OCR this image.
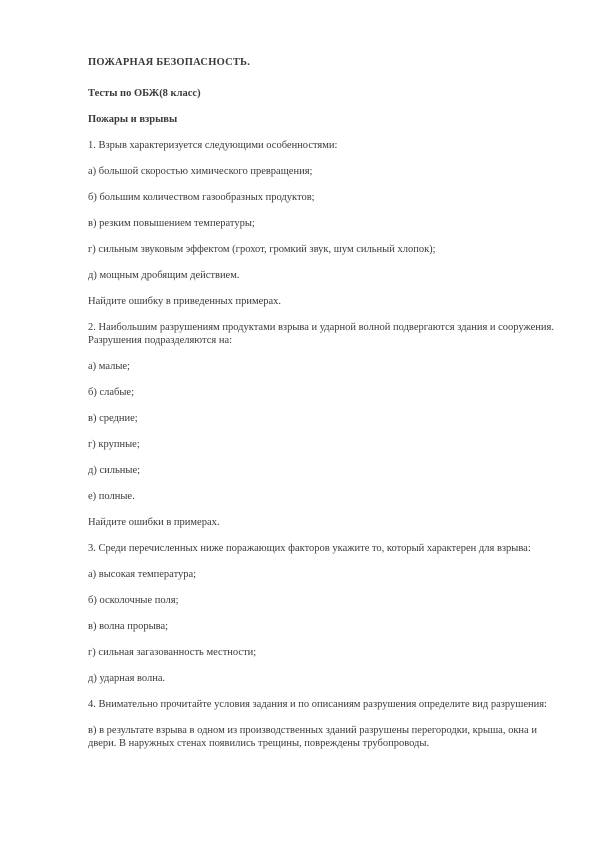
ПОЖАРНАЯ БЕЗОПАСНОСТЬ.

Тесты по ОБЖ(8 класс)

Пожары и взрывы

1. Взрыв характеризуется следующими особенностями:

а) большой скоростью химического превращения;

б) большим количеством газообразных продуктов;

в) резким повышением температуры;

г) сильным звуковым эффектом (грохот, громкий звук, шум сильный хлопок);

д) мощным дробящим действием.

Найдите ошибку в приведенных примерах.

2. Наибольшим разрушениям продуктами взрыва и ударной волной подвергаются здания и сооружения. Разрушения подразделяются на:

а) малые;

б) слабые;

в) средние;

г) крупные;

д) сильные;

е) полные.

Найдите ошибки в примерах.

3. Среди перечисленных ниже поражающих факторов укажите то, который характерен для взрыва:

а) высокая температура;

б) осколочные поля;

в) волна прорыва;

г) сильная загазованность местности;

д) ударная волна.

4. Внимательно прочитайте условия задания и по описаниям разрушения определите вид разрушения:

в) в результате взрыва в одном из производственных зданий разрушены перегородки, крыша, окна и двери. В наружных стенах появились трещины, повреждены трубопроводы.
